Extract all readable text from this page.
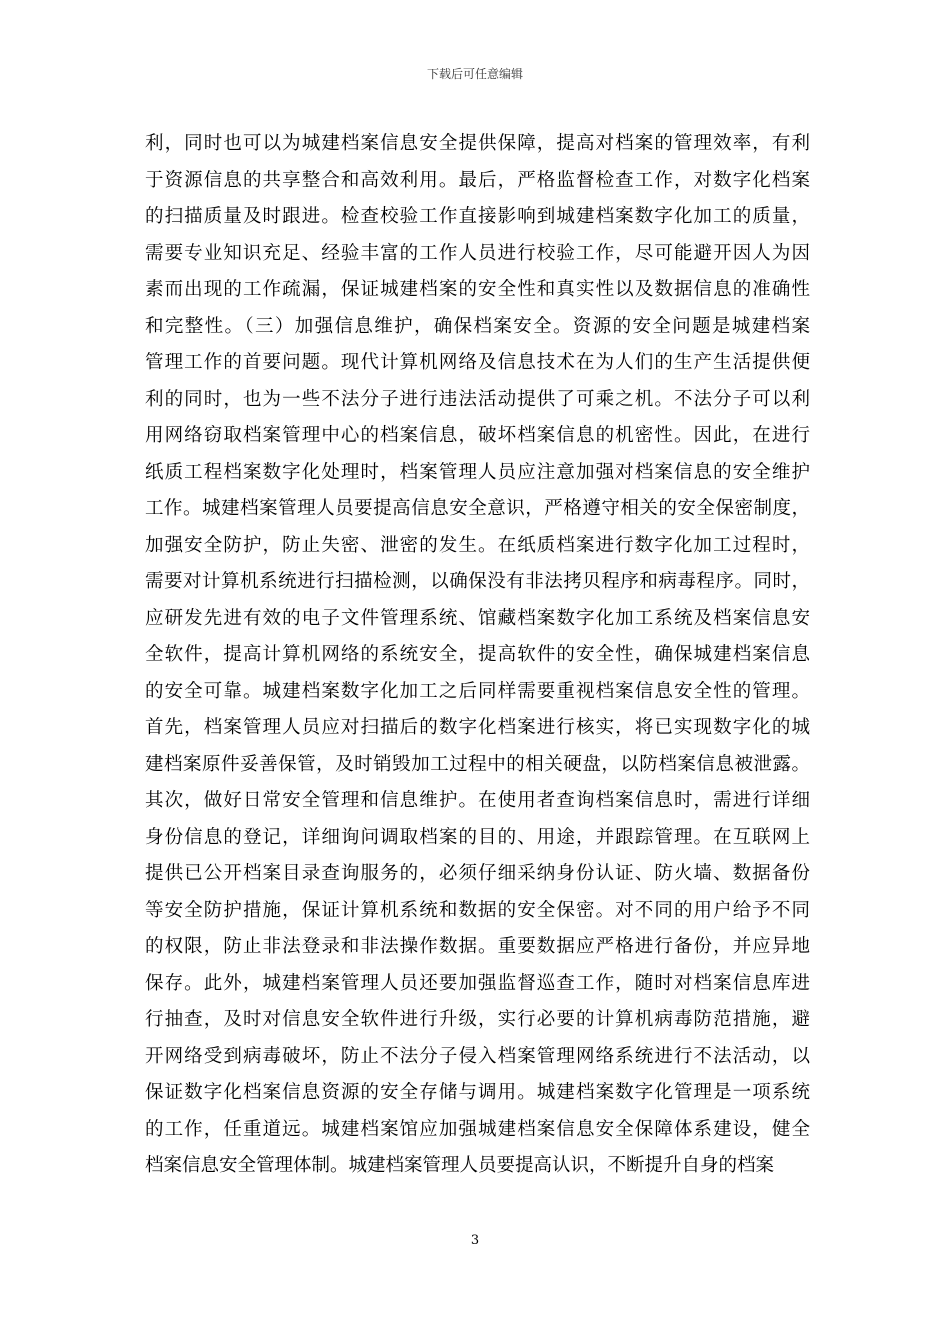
下载后可任意编辑
利，同时也可以为城建档案信息安全提供保障，提高对档案的管理效率，有利
于资源信息的共享整合和高效利用。最后，严格监督检查工作，对数字化档案
的扫描质量及时跟进。检查校验工作直接影响到城建档案数字化加工的质量，
需要专业知识充足、经验丰富的工作人员进行校验工作，尽可能避开因人为因
素而出现的工作疏漏，保证城建档案的安全性和真实性以及数据信息的准确性
和完整性。（三）加强信息维护，确保档案安全。资源的安全问题是城建档案
管理工作的首要问题。现代计算机网络及信息技术在为人们的生产生活提供便
利的同时，也为一些不法分子进行违法活动提供了可乘之机。不法分子可以利
用网络窃取档案管理中心的档案信息，破坏档案信息的机密性。因此，在进行
纸质工程档案数字化处理时，档案管理人员应注意加强对档案信息的安全维护
工作。城建档案管理人员要提高信息安全意识，严格遵守相关的安全保密制度，
加强安全防护，防止失密、泄密的发生。在纸质档案进行数字化加工过程时，
需要对计算机系统进行扫描检测，以确保没有非法拷贝程序和病毒程序。同时，
应研发先进有效的电子文件管理系统、馆藏档案数字化加工系统及档案信息安
全软件，提高计算机网络的系统安全，提高软件的安全性，确保城建档案信息
的安全可靠。城建档案数字化加工之后同样需要重视档案信息安全性的管理。
首先，档案管理人员应对扫描后的数字化档案进行核实，将已实现数字化的城
建档案原件妥善保管，及时销毁加工过程中的相关硬盘，以防档案信息被泄露。
其次，做好日常安全管理和信息维护。在使用者查询档案信息时，需进行详细
身份信息的登记，详细询问调取档案的目的、用途，并跟踪管理。在互联网上
提供已公开档案目录查询服务的，必须仔细采纳身份认证、防火墙、数据备份
等安全防护措施，保证计算机系统和数据的安全保密。对不同的用户给予不同
的权限，防止非法登录和非法操作数据。重要数据应严格进行备份，并应异地
保存。此外，城建档案管理人员还要加强监督巡查工作，随时对档案信息库进
行抽查，及时对信息安全软件进行升级，实行必要的计算机病毒防范措施，避
开网络受到病毒破坏，防止不法分子侵入档案管理网络系统进行不法活动，以
保证数字化档案信息资源的安全存储与调用。城建档案数字化管理是一项系统
的工作，任重道远。城建档案馆应加强城建档案信息安全保障体系建设，健全
档案信息安全管理体制。城建档案管理人员要提高认识，不断提升自身的档案
3
